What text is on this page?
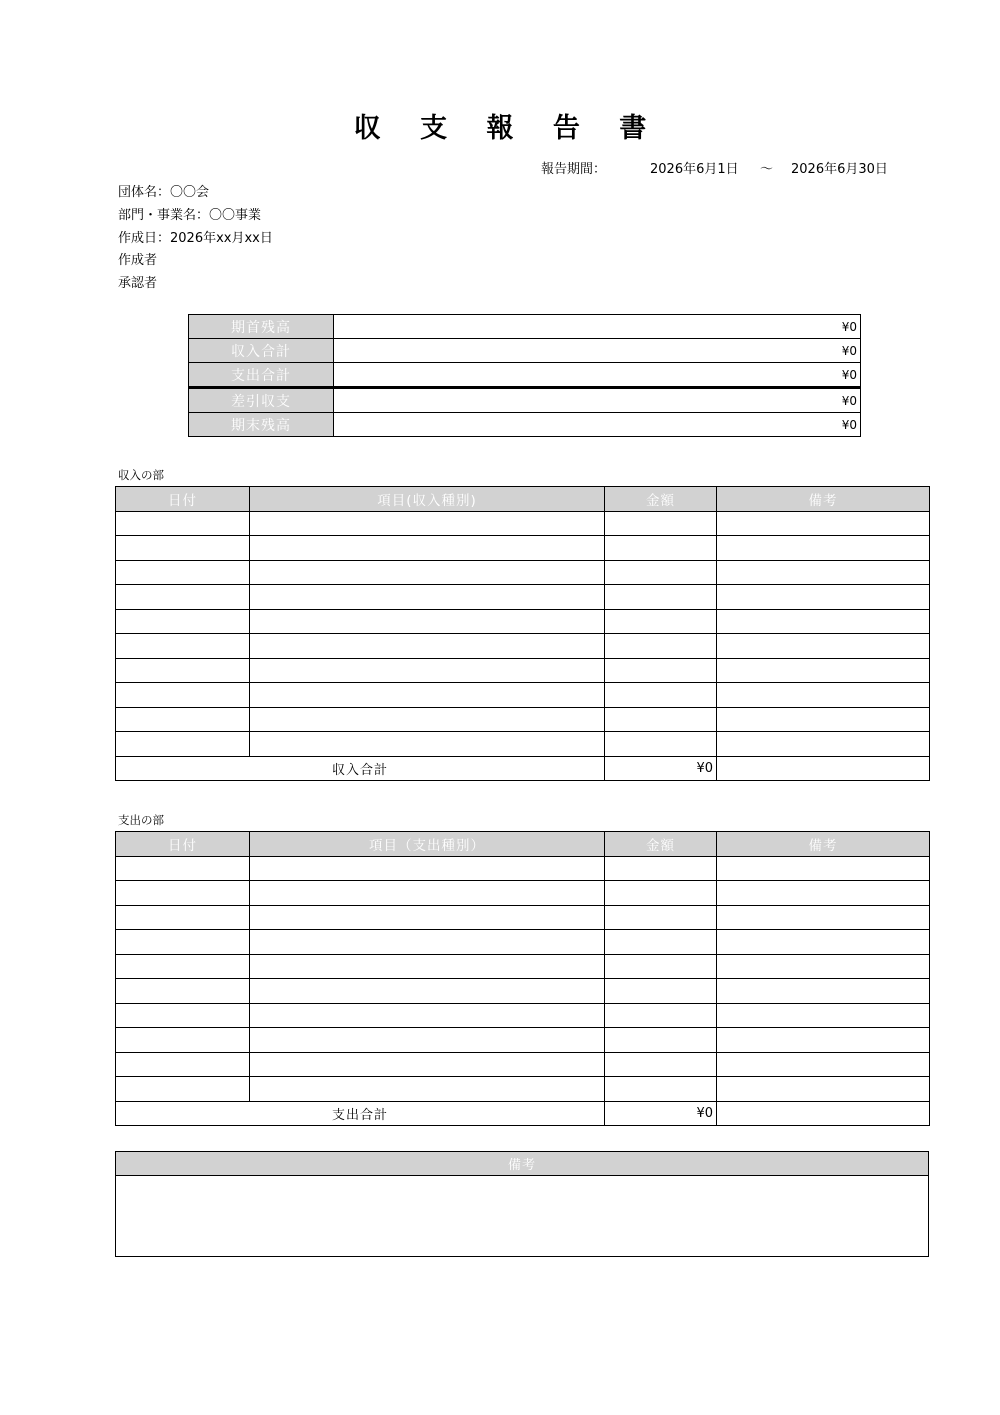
収 支 報 告 書
報告期間：	2026年6月1日 〜 2026年6月30日
団体名：〇〇会
部門・事業名：〇〇事業
作成日：2026年xx月xx日
作成者
承認者
期首残高	¥0
収入合計	¥0
支出合計	¥0
差引収支	¥0
期末残高	¥0
収入の部
日付	項目(収入種別)	金額	備考

収入合計		¥0	
支出の部
日付	項目（支出種別）	金額	備考

支出合計		¥0	
備考
